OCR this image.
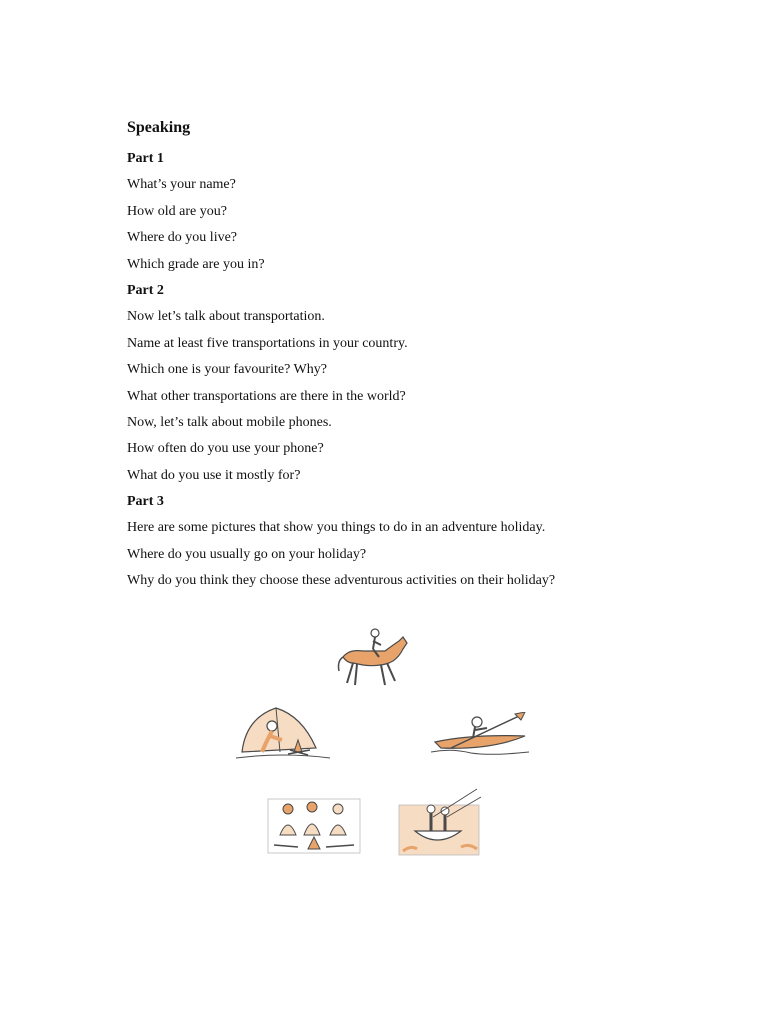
Speaking
Part 1
What’s your name?
How old are you?
Where do you live?
Which grade are you in?
Part 2
Now let’s talk about transportation.
Name at least five transportations in your country.
Which one is your favourite? Why?
What other transportations are there in the world?
Now, let’s talk about mobile phones.
How often do you use your phone?
What do you use it mostly for?
Part 3
Here are some pictures that show you things to do in an adventure holiday.
Where do you usually go on your holiday?
Why do you think they choose these adventurous activities on their holiday?
